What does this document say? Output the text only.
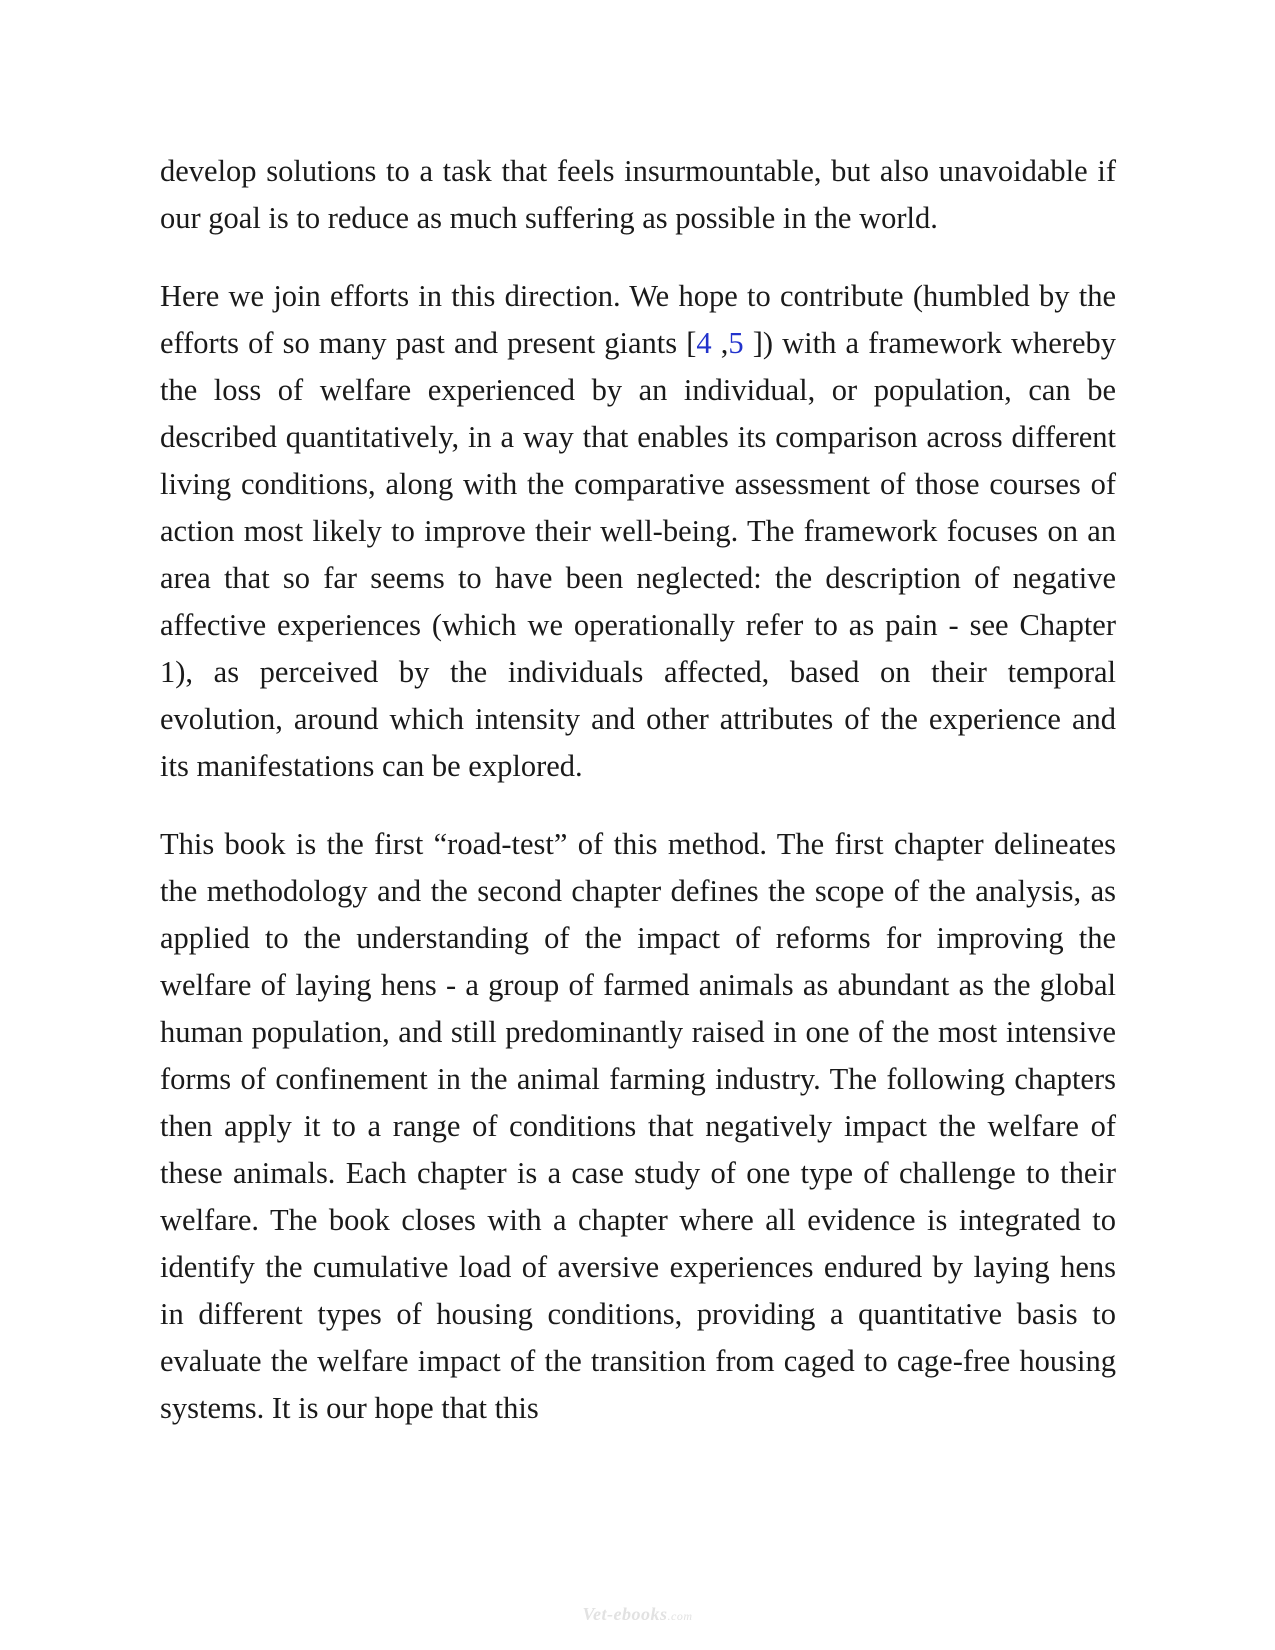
develop solutions to a task that feels insurmountable, but also unavoidable if our goal is to reduce as much suffering as possible in the world.

Here we join efforts in this direction. We hope to contribute (humbled by the efforts of so many past and present giants [4 ,5 ]) with a framework whereby the loss of welfare experienced by an individual, or population, can be described quantitatively, in a way that enables its comparison across different living conditions, along with the comparative assessment of those courses of action most likely to improve their well-being. The framework focuses on an area that so far seems to have been neglected: the description of negative affective experiences (which we operationally refer to as pain - see Chapter 1), as perceived by the individuals affected, based on their temporal evolution, around which intensity and other attributes of the experience and its manifestations can be explored.

This book is the first “road-test” of this method. The first chapter delineates the methodology and the second chapter defines the scope of the analysis, as applied to the understanding of the impact of reforms for improving the welfare of laying hens - a group of farmed animals as abundant as the global human population, and still predominantly raised in one of the most intensive forms of confinement in the animal farming industry. The following chapters then apply it to a range of conditions that negatively impact the welfare of these animals. Each chapter is a case study of one type of challenge to their welfare. The book closes with a chapter where all evidence is integrated to identify the cumulative load of aversive experiences endured by laying hens in different types of housing conditions, providing a quantitative basis to evaluate the welfare impact of the transition from caged to cage-free housing systems. It is our hope that this

Vet-ebooks.com
